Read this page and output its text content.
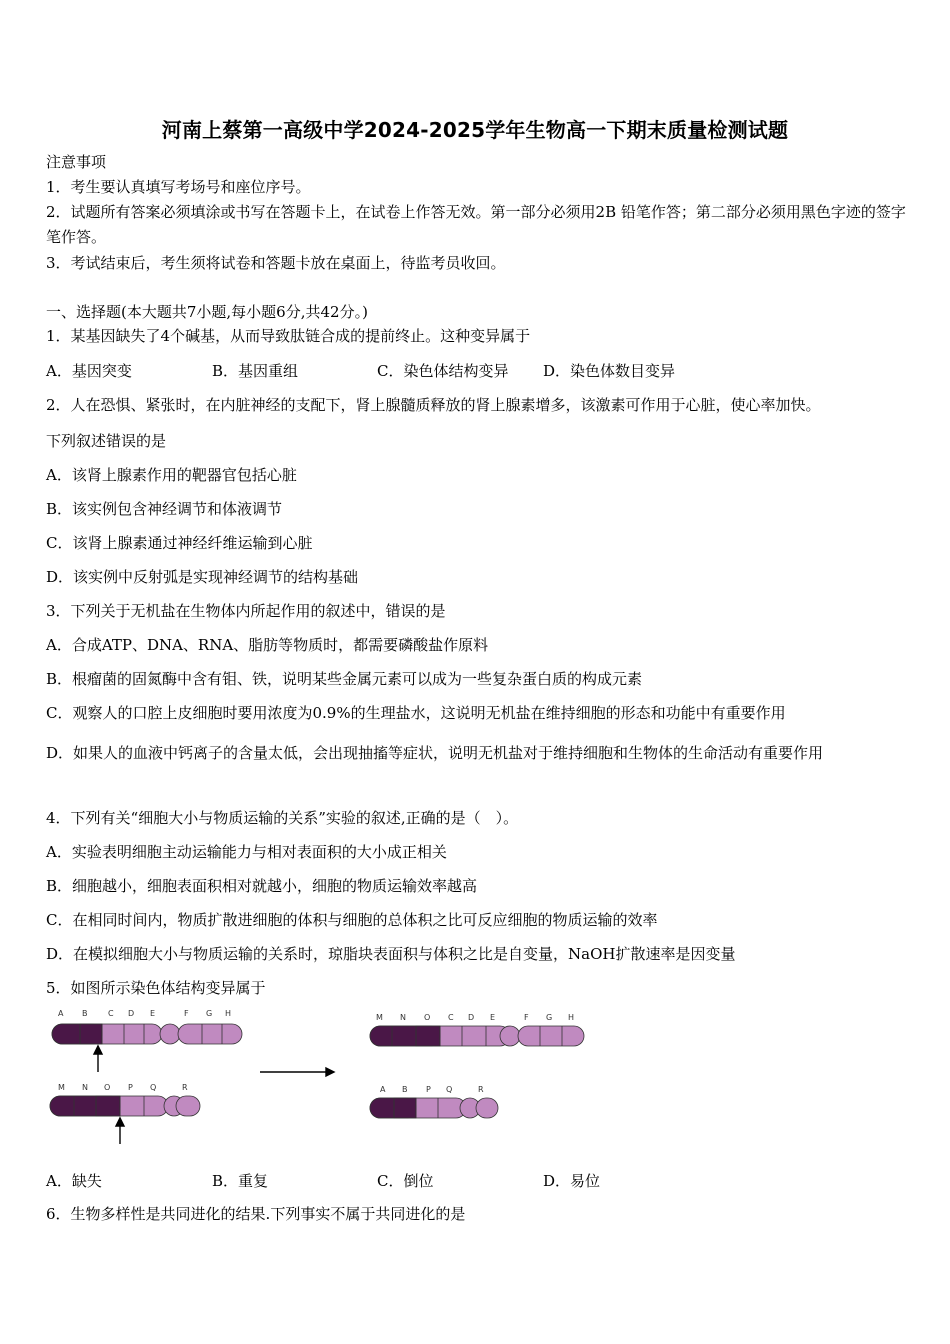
河南上蔡第一高级中学2024-2025学年生物高一下期末质量检测试题
注意事项
1．考生要认真填写考场号和座位序号。
2．试题所有答案必须填涂或书写在答题卡上，在试卷上作答无效。第一部分必须用2B 铅笔作答；第二部分必须用黑色字迹的签字笔作答。
3．考试结束后，考生须将试卷和答题卡放在桌面上，待监考员收回。
一、选择题(本大题共7小题,每小题6分,共42分。)
1．某基因缺失了4个碱基，从而导致肽链合成的提前终止。这种变异属于
A．基因突变	B．基因重组	C．染色体结构变异 D．染色体数目变异
2．人在恐惧、紧张时，在内脏神经的支配下，肾上腺髓质释放的肾上腺素增多，该激素可作用于心脏，使心率加快。
下列叙述错误的是
A．该肾上腺素作用的靶器官包括心脏
B．该实例包含神经调节和体液调节
C．该肾上腺素通过神经纤维运输到心脏
D．该实例中反射弧是实现神经调节的结构基础
3．下列关于无机盐在生物体内所起作用的叙述中，错误的是
A．合成ATP、DNA、RNA、脂肪等物质时，都需要磷酸盐作原料
B．根瘤菌的固氮酶中含有钼、铁，说明某些金属元素可以成为一些复杂蛋白质的构成元素
C．观察人的口腔上皮细胞时要用浓度为0.9%的生理盐水，这说明无机盐在维持细胞的形态和功能中有重要作用
D．如果人的血液中钙离子的含量太低，会出现抽搐等症状，说明无机盐对于维持细胞和生物体的生命活动有重要作用
4．下列有关“细胞大小与物质运输的关系”实验的叙述,正确的是（　）。
A．实验表明细胞主动运输能力与相对表面积的大小成正相关
B．细胞越小，细胞表面积相对就越小，细胞的物质运输效率越高
C．在相同时间内，物质扩散进细胞的体积与细胞的总体积之比可反应细胞的物质运输的效率
D．在模拟细胞大小与物质运输的关系时，琼脂块表面积与体积之比是自变量，NaOH扩散速率是因变量
5．如图所示染色体结构变异属于
A B	C D E	F G H
M N O P Q	R
M N O C D E	F G H
A B P Q	R
A．缺失	B．重复	C．倒位	D．易位
6．生物多样性是共同进化的结果.下列事实不属于共同进化的是
